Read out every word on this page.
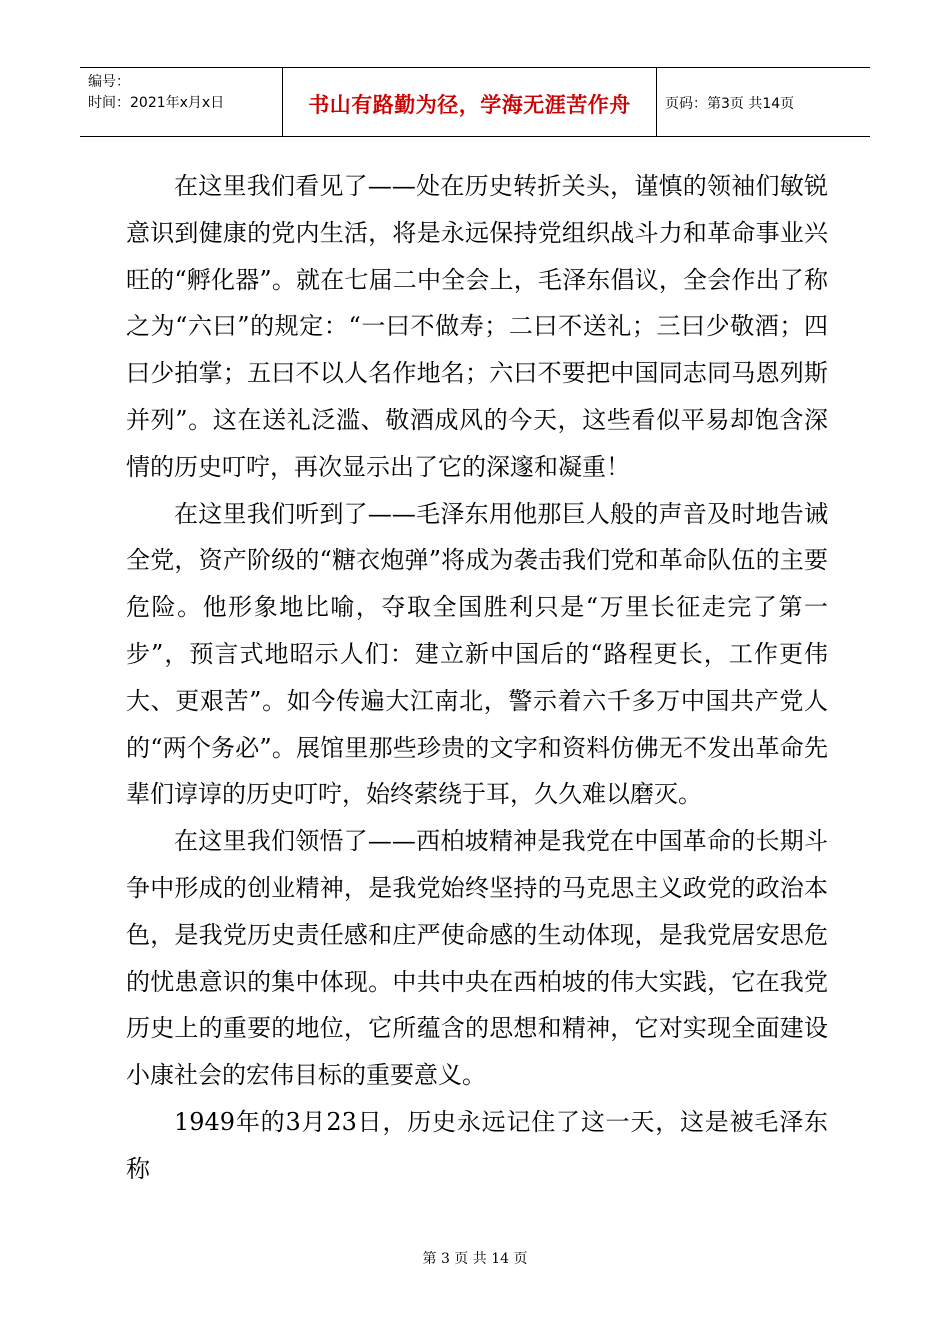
编号：
时间：2021年x月x日	书山有路勤为径，学海无涯苦作舟 页码：第3页 共14页

在这里我们看见了——处在历史转折关头，谨慎的领袖们敏锐意识到健康的党内生活，将是永远保持党组织战斗力和革命事业兴旺的“孵化器”。就在七届二中全会上，毛泽东倡议，全会作出了称之为“六曰”的规定：“一曰不做寿；二曰不送礼；三曰少敬酒；四曰少拍掌；五曰不以人名作地名；六曰不要把中国同志同马恩列斯并列”。这在送礼泛滥、敬酒成风的今天，这些看似平易却饱含深情的历史叮咛，再次显示出了它的深邃和凝重！

在这里我们听到了——毛泽东用他那巨人般的声音及时地告诫全党，资产阶级的“糖衣炮弹”将成为袭击我们党和革命队伍的主要危险。他形象地比喻，夺取全国胜利只是“万里长征走完了第一步”，预言式地昭示人们：建立新中国后的“路程更长，工作更伟大、更艰苦”。如今传遍大江南北，警示着六千多万中国共产党人的“两个务必”。展馆里那些珍贵的文字和资料仿佛无不发出革命先辈们谆谆的历史叮咛，始终萦绕于耳，久久难以磨灭。

在这里我们领悟了——西柏坡精神是我党在中国革命的长期斗争中形成的创业精神，是我党始终坚持的马克思主义政党的政治本色，是我党历史责任感和庄严使命感的生动体现，是我党居安思危的忧患意识的集中体现。中共中央在西柏坡的伟大实践，它在我党历史上的重要的地位，它所蕴含的思想和精神，它对实现全面建设小康社会的宏伟目标的重要意义。

1949年的3月23日，历史永远记住了这一天，这是被毛泽东称

第 3 页 共 14 页
